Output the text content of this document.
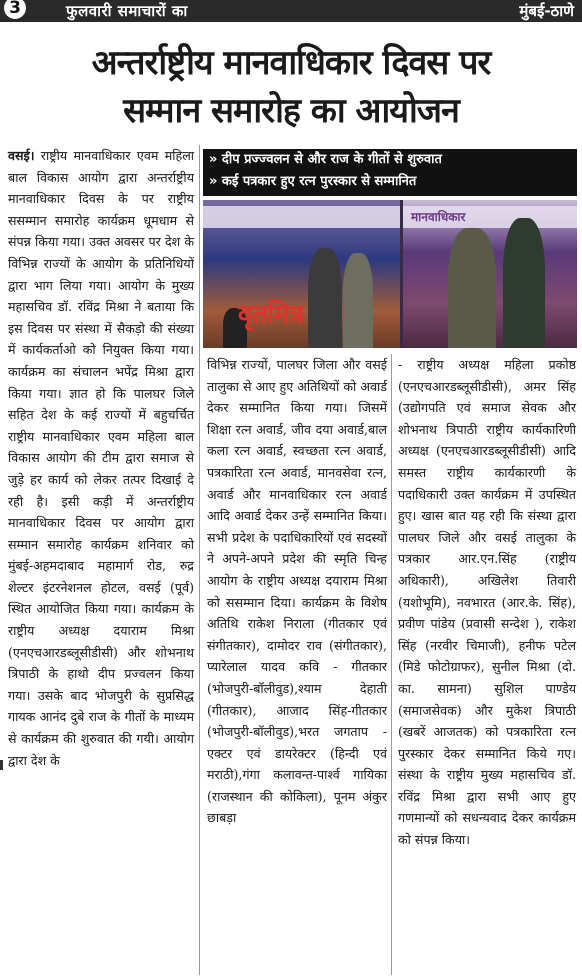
3	फुलवारी समाचारों का	मुंबई-ठाणे
अन्तर्राष्ट्रीय मानवाधिकार दिवस पर
सम्मान समारोह का आयोजन
वसई। राष्ट्रीय मानवाधिकार एवम महिला बाल विकास आयोग द्वारा अन्तर्राष्ट्रीय मानवाधिकार दिवस के पर राष्ट्रीय ससम्मान समारोह कार्यक्रम धूमधाम से संपन्न किया गया। उक्त अवसर पर देश के विभिन्न राज्यों के आयोग के प्रतिनिधियों द्वारा भाग लिया गया। आयोग के मुख्य महासचिव डॉ. रविंद्र मिश्रा ने बताया कि इस दिवस पर संस्था में सैकड़ो की संख्या में कार्यकर्ताओ को नियुक्त किया गया। कार्यक्रम का संचालन भपेंद्र मिश्रा द्वारा किया गया। ज्ञात हो कि पालघर जिले सहित देश के कई राज्यों में बहुचर्चित राष्ट्रीय मानवाधिकार एवम महिला बाल विकास आयोग की टीम द्वारा समाज से जुड़े हर कार्य को लेकर तत्पर दिखाई दे रही है। इसी कड़ी में अन्तर्राष्ट्रीय मानवाधिकार दिवस पर आयोग द्वारा सम्मान समारोह कार्यक्रम शनिवार को मुंबई-अहमदाबाद महामार्ग रोड, रुद्र शेल्टर इंटरनेशनल होटल, वसई (पूर्व) स्थित आयोजित किया गया। कार्यक्रम के राष्ट्रीय अध्यक्ष दयाराम मिश्रा (एनएचआरडब्लूसीडीसी) और शोभनाथ त्रिपाठी के हाथो दीप प्रज्वलन किया गया। उसके बाद भोजपुरी के सुप्रसिद्ध गायक आनंद दुबे राज के गीतों के माध्यम से कार्यक्रम की शुरुवात की गयी। आयोग द्वारा देश के
» दीप प्रज्ज्वलन से और राज के गीतों से शुरुवात
» कई पत्रकार हुए रत्न पुरस्कार से सम्मानित
मानवाधिकार
वृतमित्र
विभिन्न राज्यों, पालघर जिला और वसई तालुका से आए हुए अतिथियों को अवार्ड देकर सम्मानित किया गया। जिसमें शिक्षा रत्न अवार्ड, जीव दया अवार्ड,बाल कला रत्न अवार्ड, स्वच्छता रत्न अवार्ड, पत्रकारिता रत्न अवार्ड, मानवसेवा रत्न, अवार्ड और मानवाधिकार रत्न अवार्ड आदि अवार्ड देकर उन्हें सम्मानित किया। सभी प्रदेश के पदाधिकारियों एवं सदस्यों ने अपने-अपने प्रदेश की स्मृति चिन्ह आयोग के राष्ट्रीय अध्यक्ष दयाराम मिश्रा को ससम्मान दिया। कार्यक्रम के विशेष अतिथि राकेश निराला (गीतकार एवं संगीतकार), दामोदर राव (संगीतकार), प्यारेलाल यादव कवि - गीतकार (भोजपुरी-बॉलीवुड),श्याम देहाती (गीतकार), आजाद सिंह-गीतकार (भोजपुरी-बॉलीवुड),भरत जगताप - एक्टर एवं डायरेक्टर (हिन्दी एवं मराठी),गंगा कलावन्त-पार्श्व गायिका (राजस्थान की कोकिला), पूनम अंकुर छाबड़ा
- राष्ट्रीय अध्यक्ष महिला प्रकोष्ठ (एनएचआरडब्लूसीडीसी), अमर सिंह (उद्योगपति एवं समाज सेवक और शोभनाथ त्रिपाठी राष्ट्रीय कार्यकारिणी अध्यक्ष (एनएचआरडब्लूसीडीसी) आदि समस्त राष्ट्रीय कार्यकारणी के पदाधिकारी उक्त कार्यक्रम में उपस्थित हुए। खास बात यह रही कि संस्था द्वारा पालघर जिले और वसई तालुका के पत्रकार आर.एन.सिंह (राष्ट्रीय अधिकारी), अखिलेश तिवारी (यशोभूमि), नवभारत (आर.के. सिंह), प्रवीण पांडेय (प्रवासी सन्देश ), राकेश सिंह (नरवीर चिमाजी), हनीफ पटेल (मिडे फोटोग्राफर), सुनील मिश्रा (दो. का. सामना) सुशिल पाण्डेय (समाजसेवक) और मुकेश त्रिपाठी (खबरें आजतक) को पत्रकारिता रत्न पुरस्कार देकर सम्मानित किये गए। संस्था के राष्ट्रीय मुख्य महासचिव डॉ. रविंद्र मिश्रा द्वारा सभी आए हुए गणमान्यों को सधन्यवाद देकर कार्यक्रम को संपन्न किया।
